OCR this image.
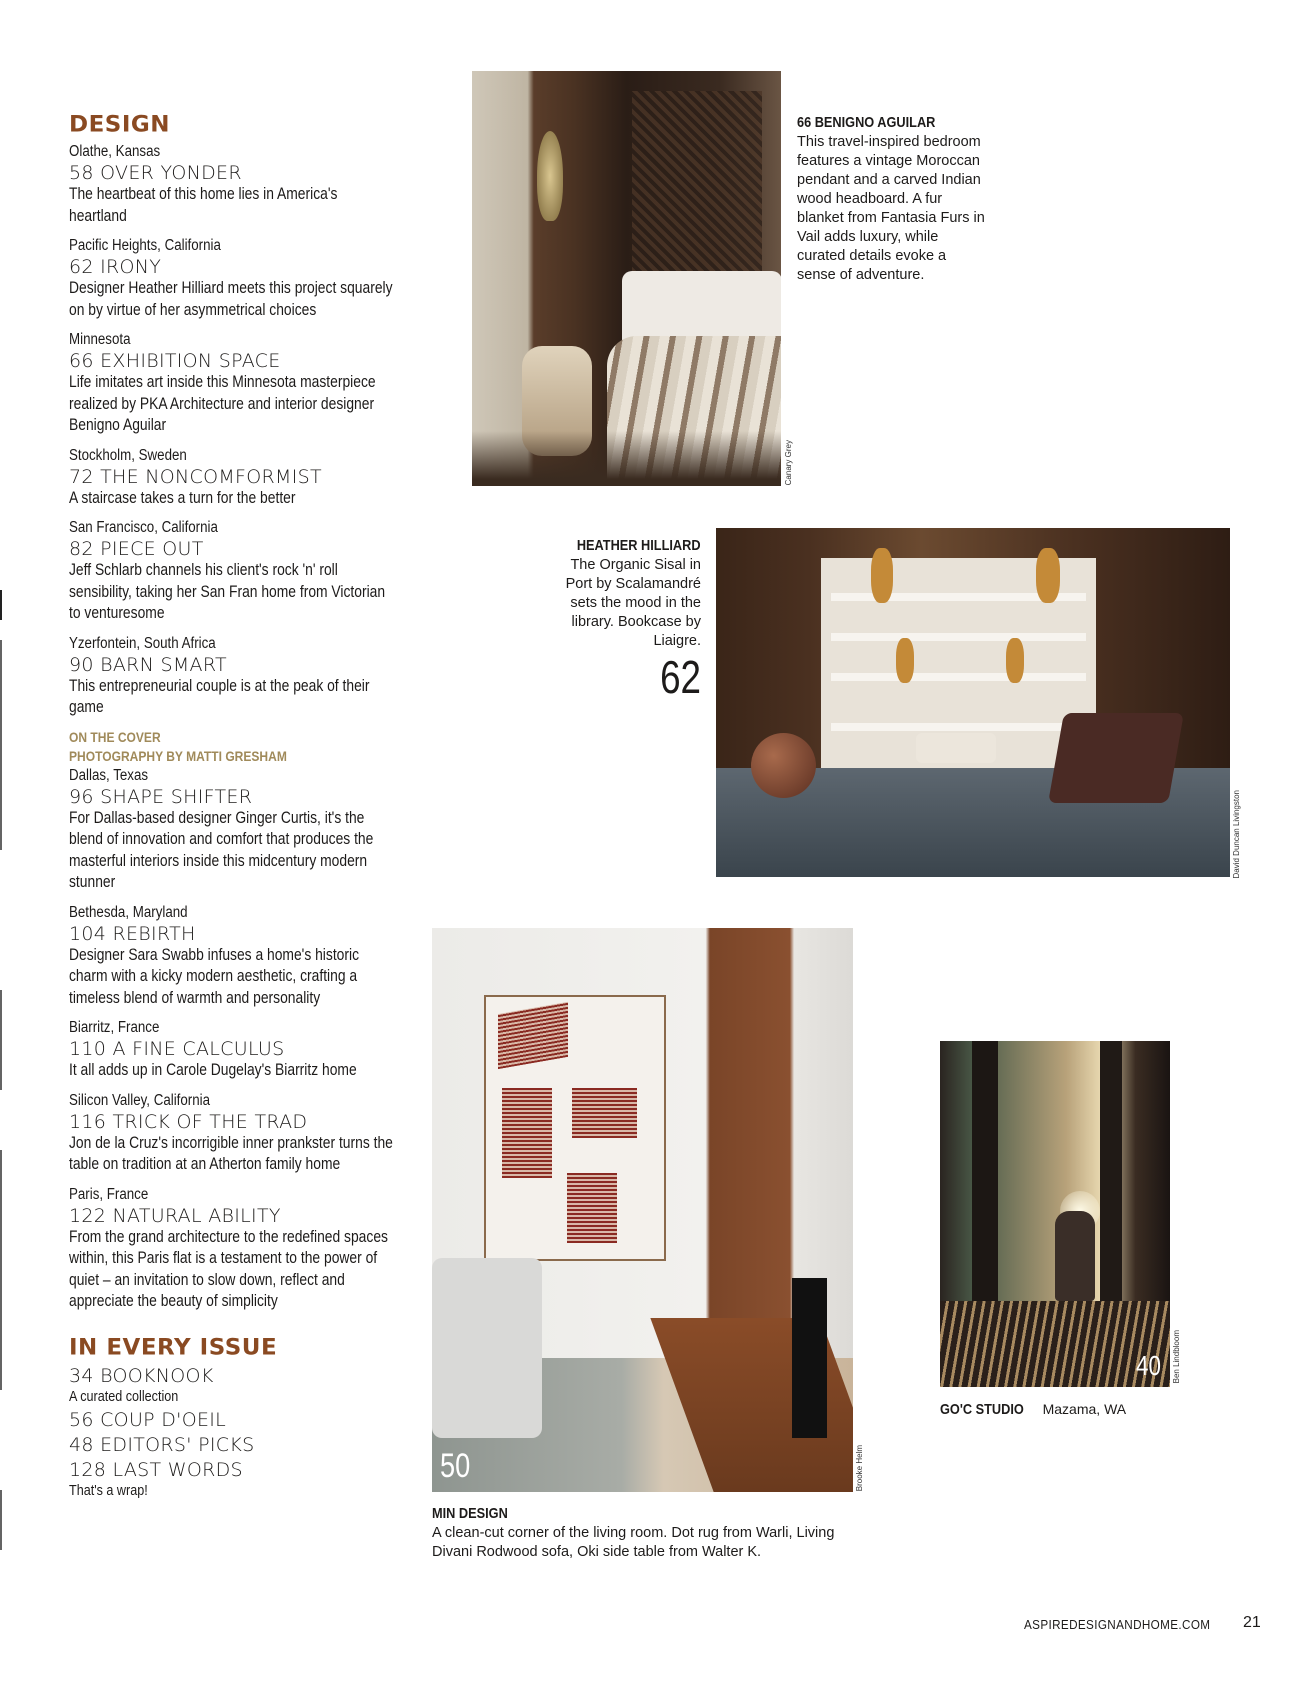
DESIGN
Olathe, Kansas
58 OVER YONDER
The heartbeat of this home lies in America's heartland
Pacific Heights, California
62 IRONY
Designer Heather Hilliard meets this project squarely on by virtue of her asymmetrical choices
Minnesota
66 EXHIBITION SPACE
Life imitates art inside this Minnesota masterpiece realized by PKA Architecture and interior designer Benigno Aguilar
Stockholm, Sweden
72 THE NONCOMFORMIST
A staircase takes a turn for the better
San Francisco, California
82 PIECE OUT
Jeff Schlarb channels his client's rock 'n' roll sensibility, taking her San Fran home from Victorian to venturesome
Yzerfontein, South Africa
90 BARN SMART
This entrepreneurial couple is at the peak of their game
ON THE COVER
PHOTOGRAPHY BY MATTI GRESHAM
Dallas, Texas
96 SHAPE SHIFTER
For Dallas-based designer Ginger Curtis, it's the blend of innovation and comfort that produces the masterful interiors inside this midcentury modern stunner
Bethesda, Maryland
104 REBIRTH
Designer Sara Swabb infuses a home's historic charm with a kicky modern aesthetic, crafting a timeless blend of warmth and personality
Biarritz, France
110 A FINE CALCULUS
It all adds up in Carole Dugelay's Biarritz home
Silicon Valley, California
116 TRICK OF THE TRAD
Jon de la Cruz's incorrigible inner prankster turns the table on tradition at an Atherton family home
Paris, France
122 NATURAL ABILITY
From the grand architecture to the redefined spaces within, this Paris flat is a testament to the power of quiet – an invitation to slow down, reflect and appreciate the beauty of simplicity
IN EVERY ISSUE
34 BOOKNOOK
A curated collection
56 COUP D'OEIL
48 EDITORS' PICKS
128 LAST WORDS
That's a wrap!
Canary Grey
66 BENIGNO AGUILAR
This travel-inspired bedroom features a vintage Moroccan pendant and a carved Indian wood headboard. A fur blanket from Fantasia Furs in Vail adds luxury, while curated details evoke a sense of adventure.
David Duncan Livingston
HEATHER HILLIARD
The Organic Sisal in Port by Scalamandré sets the mood in the library. Bookcase by Liaigre.
62
50	Brooke Helm
MIN DESIGN
A clean-cut corner of the living room. Dot rug from Warli, Living Divani Rodwood sofa, Oki side table from Walter K.
40 Ben Lindbloom
GO'C STUDIO Mazama, WA
ASPIREDESIGNANDHOME.COM 21
